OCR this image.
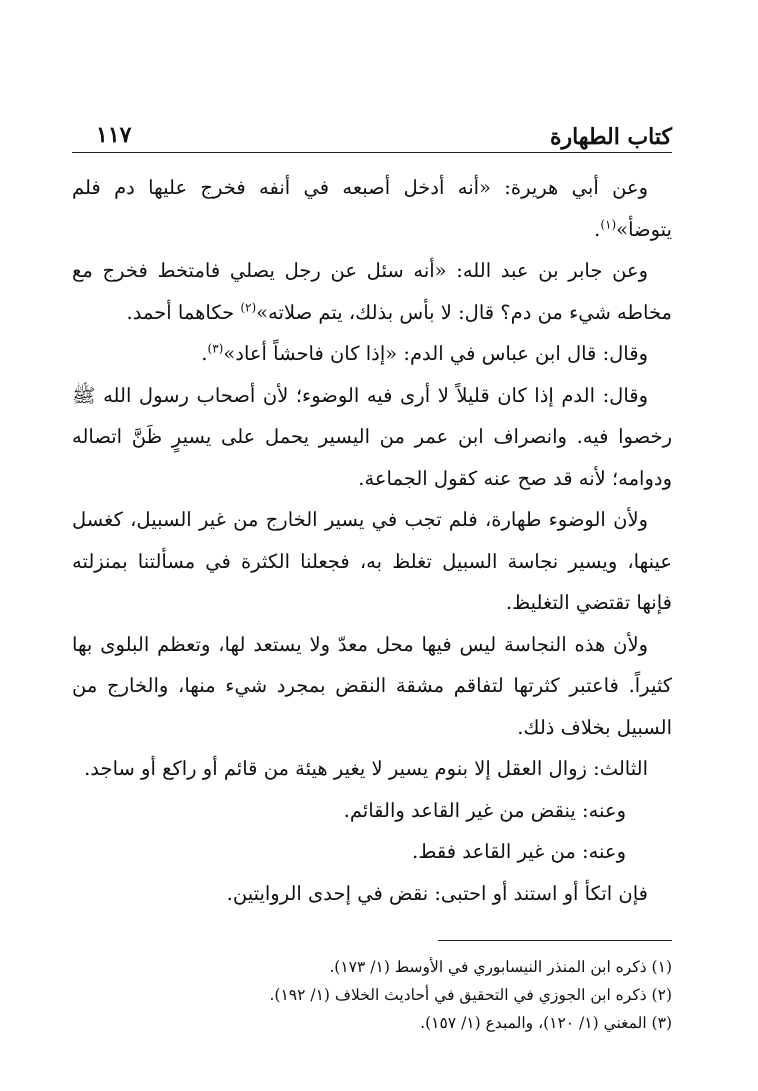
كتاب الطهارة
١١٧

وعن أبي هريرة: «أنه أدخل أصبعه في أنفه فخرج عليها دم فلم يتوضأ»$^{(١)}$.

وعن جابر بن عبد الله: «أنه سئل عن رجل يصلي فامتخط فخرج مع مخاطه شيء من دم؟ قال: لا بأس بذلك، يتم صلاته»$^{(٢)}$ حكاهما أحمد.

وقال: قال ابن عباس في الدم: «إذا كان فاحشاً أعاد»$^{(٣)}$.

وقال: الدم إذا كان قليلاً لا أرى فيه الوضوء؛ لأن أصحاب رسول الله ﷺ رخصوا فيه. وانصراف ابن عمر من اليسير يحمل على يسيرٍ ظَنَّ اتصاله ودوامه؛ لأنه قد صح عنه كقول الجماعة.

ولأن الوضوء طهارة، فلم تجب في يسير الخارج من غير السبيل، كغسل عينها، ويسير نجاسة السبيل تغلظ به، فجعلنا الكثرة في مسألتنا بمنزلته فإنها تقتضي التغليظ.

ولأن هذه النجاسة ليس فيها محل معدّ ولا يستعد لها، وتعظم البلوى بها كثيراً. فاعتبر كثرتها لتفاقم مشقة النقض بمجرد شيء منها، والخارج من السبيل بخلاف ذلك.

الثالث: زوال العقل إلا بنوم يسير لا يغير هيئة من قائم أو راكع أو ساجد.

وعنه: ينقض من غير القاعد والقائم.

وعنه: من غير القاعد فقط.

فإن اتكأ أو استند أو احتبى: نقض في إحدى الروايتين.

(١) ذكره ابن المنذر النيسابوري في الأوسط (١/ ١٧٣).

(٢) ذكره ابن الجوزي في التحقيق في أحاديث الخلاف (١/ ١٩٢).

(٣) المغني (١/ ١٢٠)، والمبدع (١/ ١٥٧).
